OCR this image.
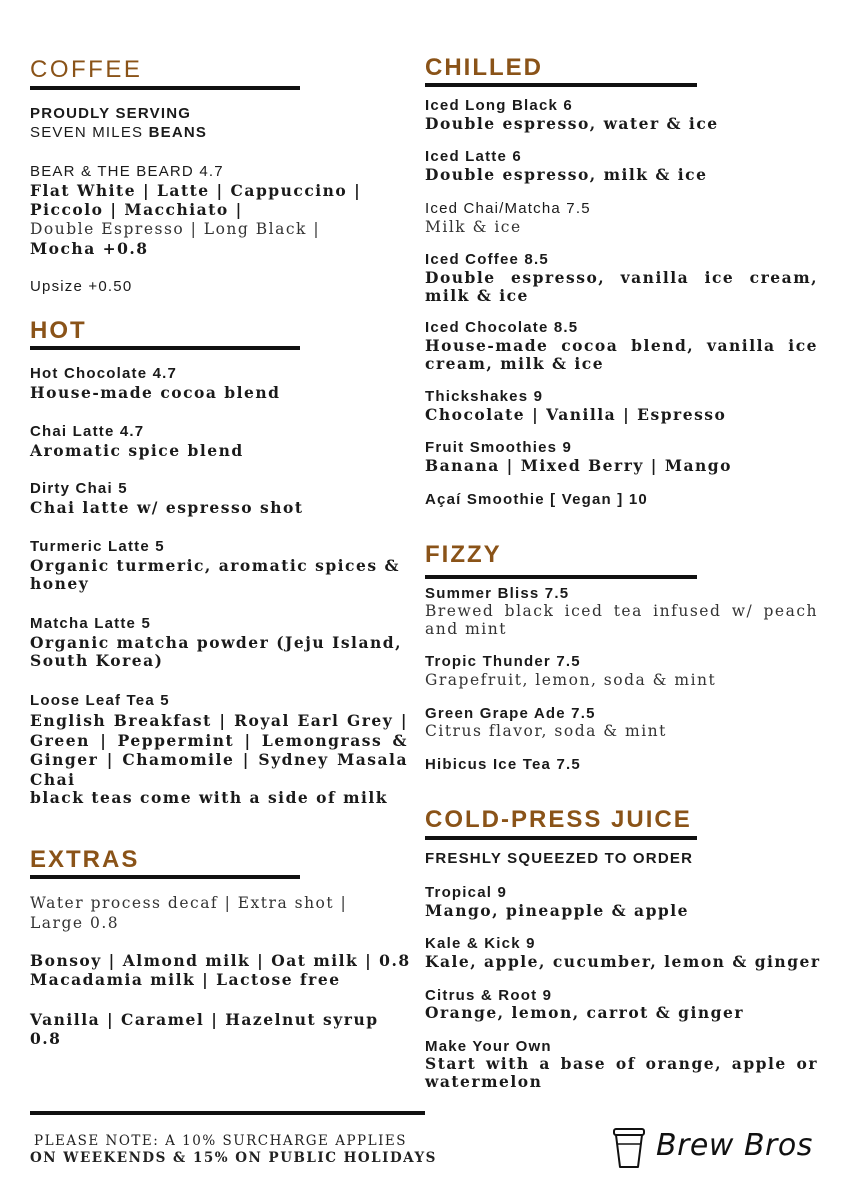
COFFEE
PROUDLY SERVING
SEVEN MILES BEANS
BEAR & THE BEARD 4.7
Flat White | Latte | Cappuccino |
Piccolo | Macchiato |
Double Espresso | Long Black |
Mocha +0.8
Upsize +0.50
HOT
Hot Chocolate 4.7
House-made cocoa blend
Chai Latte 4.7
Aromatic spice blend
Dirty Chai 5
Chai latte w/ espresso shot
Turmeric Latte 5
Organic turmeric, aromatic spices & honey
Matcha Latte 5
Organic matcha powder (Jeju Island, South Korea)
Loose Leaf Tea 5
English Breakfast | Royal Earl Grey | Green | Peppermint | Lemongrass & Ginger | Chamomile | Sydney Masala Chai
black teas come with a side of milk
EXTRAS
Water process decaf | Extra shot | Large 0.8
Bonsoy | Almond milk | Oat milk | 0.8
Macadamia milk | Lactose free
Vanilla | Caramel | Hazelnut syrup 0.8
CHILLED
Iced Long Black 6
Double espresso, water & ice
Iced Latte 6
Double espresso, milk & ice
Iced Chai/Matcha 7.5
Milk & ice
Iced Coffee 8.5
Double espresso, vanilla ice cream, milk & ice
Iced Chocolate 8.5
House-made cocoa blend, vanilla ice cream, milk & ice
Thickshakes 9
Chocolate | Vanilla | Espresso
Fruit Smoothies 9
Banana | Mixed Berry | Mango
Açaí Smoothie [ Vegan ] 10
FIZZY
Summer Bliss 7.5
Brewed black iced tea infused w/ peach and mint
Tropic Thunder 7.5
Grapefruit, lemon, soda & mint
Green Grape Ade 7.5
Citrus flavor, soda & mint
Hibicus Ice Tea 7.5
COLD-PRESS JUICE
FRESHLY SQUEEZED TO ORDER
Tropical 9
Mango, pineapple & apple
Kale & Kick 9
Kale, apple, cucumber, lemon & ginger
Citrus & Root 9
Orange, lemon, carrot & ginger
Make Your Own
Start with a base of orange, apple or watermelon
PLEASE NOTE: A 10% SURCHARGE APPLIES
ON WEEKENDS & 15% ON PUBLIC HOLIDAYS	Brew Bros
